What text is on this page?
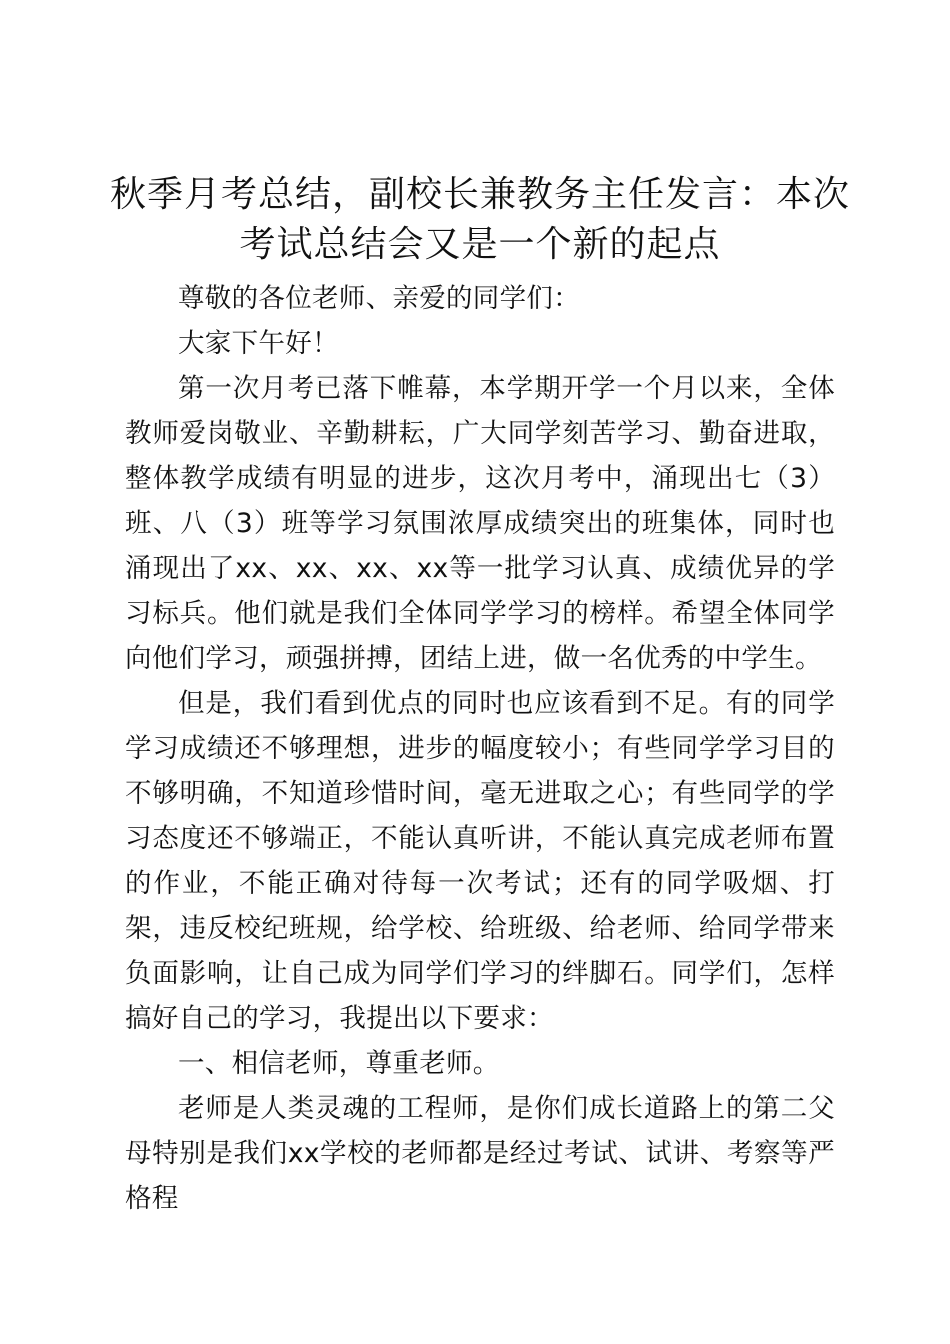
秋季月考总结，副校长兼教务主任发言：本次考试总结会又是一个新的起点

尊敬的各位老师、亲爱的同学们：

大家下午好！

第一次月考已落下帷幕，本学期开学一个月以来，全体教师爱岗敬业、辛勤耕耘，广大同学刻苦学习、勤奋进取，整体教学成绩有明显的进步，这次月考中，涌现出七（3）班、八（3）班等学习氛围浓厚成绩突出的班集体，同时也涌现出了xx、xx、xx、xx等一批学习认真、成绩优异的学习标兵。他们就是我们全体同学学习的榜样。希望全体同学向他们学习，顽强拼搏，团结上进，做一名优秀的中学生。

但是，我们看到优点的同时也应该看到不足。有的同学学习成绩还不够理想，进步的幅度较小；有些同学学习目的不够明确，不知道珍惜时间，毫无进取之心；有些同学的学习态度还不够端正，不能认真听讲，不能认真完成老师布置的作业，不能正确对待每一次考试；还有的同学吸烟、打架，违反校纪班规，给学校、给班级、给老师、给同学带来负面影响，让自己成为同学们学习的绊脚石。同学们，怎样搞好自己的学习，我提出以下要求：

一、相信老师，尊重老师。

老师是人类灵魂的工程师，是你们成长道路上的第二父母特别是我们xx学校的老师都是经过考试、试讲、考察等严格程
